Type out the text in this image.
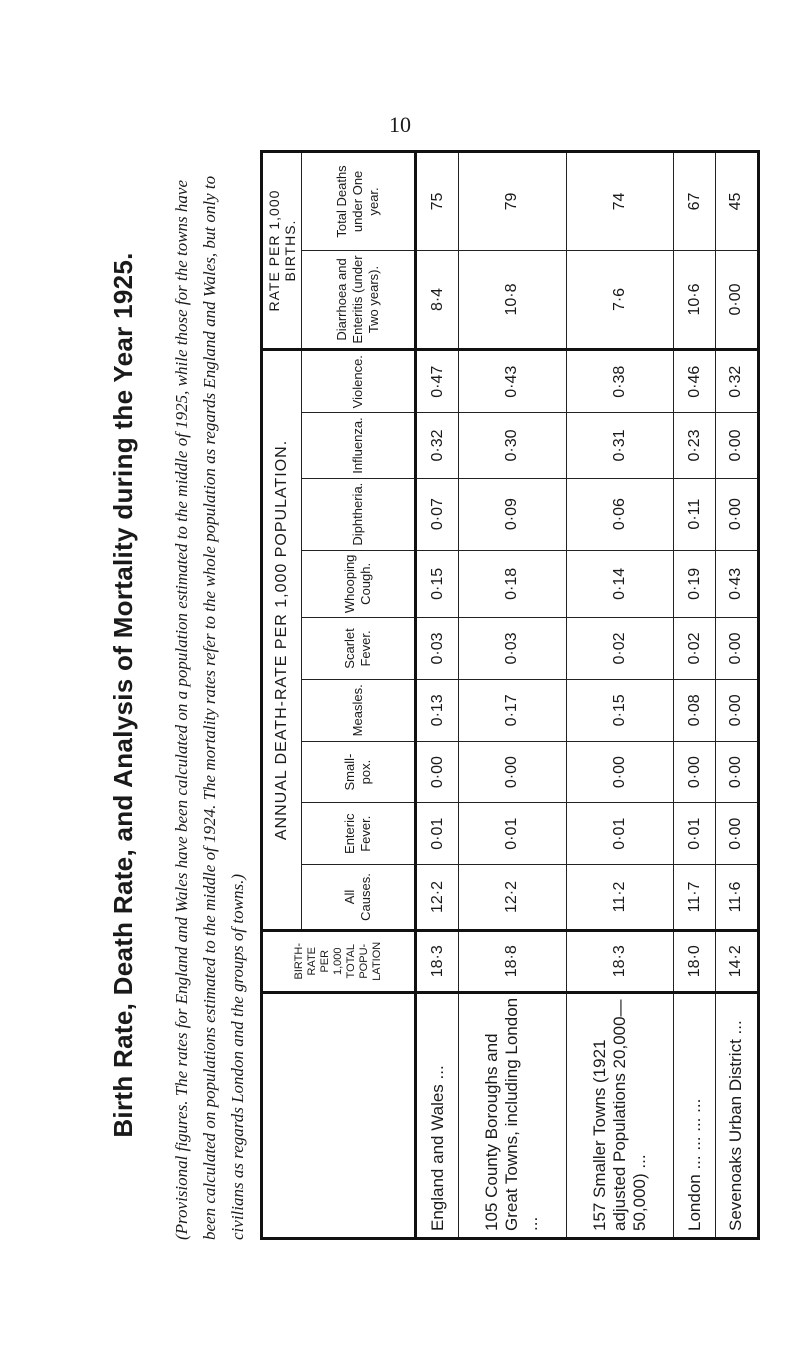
10
Birth Rate, Death Rate, and Analysis of Mortality during the Year 1925. (Provisional figures. The rates for England and Wales have been calculated on a population estimated to the middle of 1925, while those for the towns have been calculated on populations estimated to the middle of 1924. The mortality rates refer to the whole population as regards England and Wales, but only to civilians as regards London and the groups of towns.)
		BIRTH-RATE PER 1,000 TOTAL POPU-LATION	ANNUAL DEATH-RATE PER 1,000 POPULATION.									RATE PER 1,000 BIRTHS.	
		All Causes.	Enteric Fever.	Small-pox.	Measles.	Scarlet Fever.	Whooping Cough.	Diphtheria.	Influenza.	Violence.	Diarrhoea and Enteritis (under Two years).	Total Deaths under One year.
England and Wales ...	18·3	12·2	0·01	0·00	0·13	0·03	0·15	0·07	0·32	0·47	8·4	75
105 County Boroughs and Great Towns, including London ...	18·8	12·2	0·01	0·00	0·17	0·03	0·18	0·09	0·30	0·43	10·8	79
157 Smaller Towns (1921 adjusted Populations 20,000—50,000) ...	18·3	11·2	0·01	0·00	0·15	0·02	0·14	0·06	0·31	0·38	7·6	74
London ... ... ... ...	18·0	11·7	0·01	0·00	0·08	0·02	0·19	0·11	0·23	0·46	10·6	67
Sevenoaks Urban District ...	14·2	11·6	0·00	0·00	0·00	0·00	0·43	0·00	0·00	0·32	0·00	45
